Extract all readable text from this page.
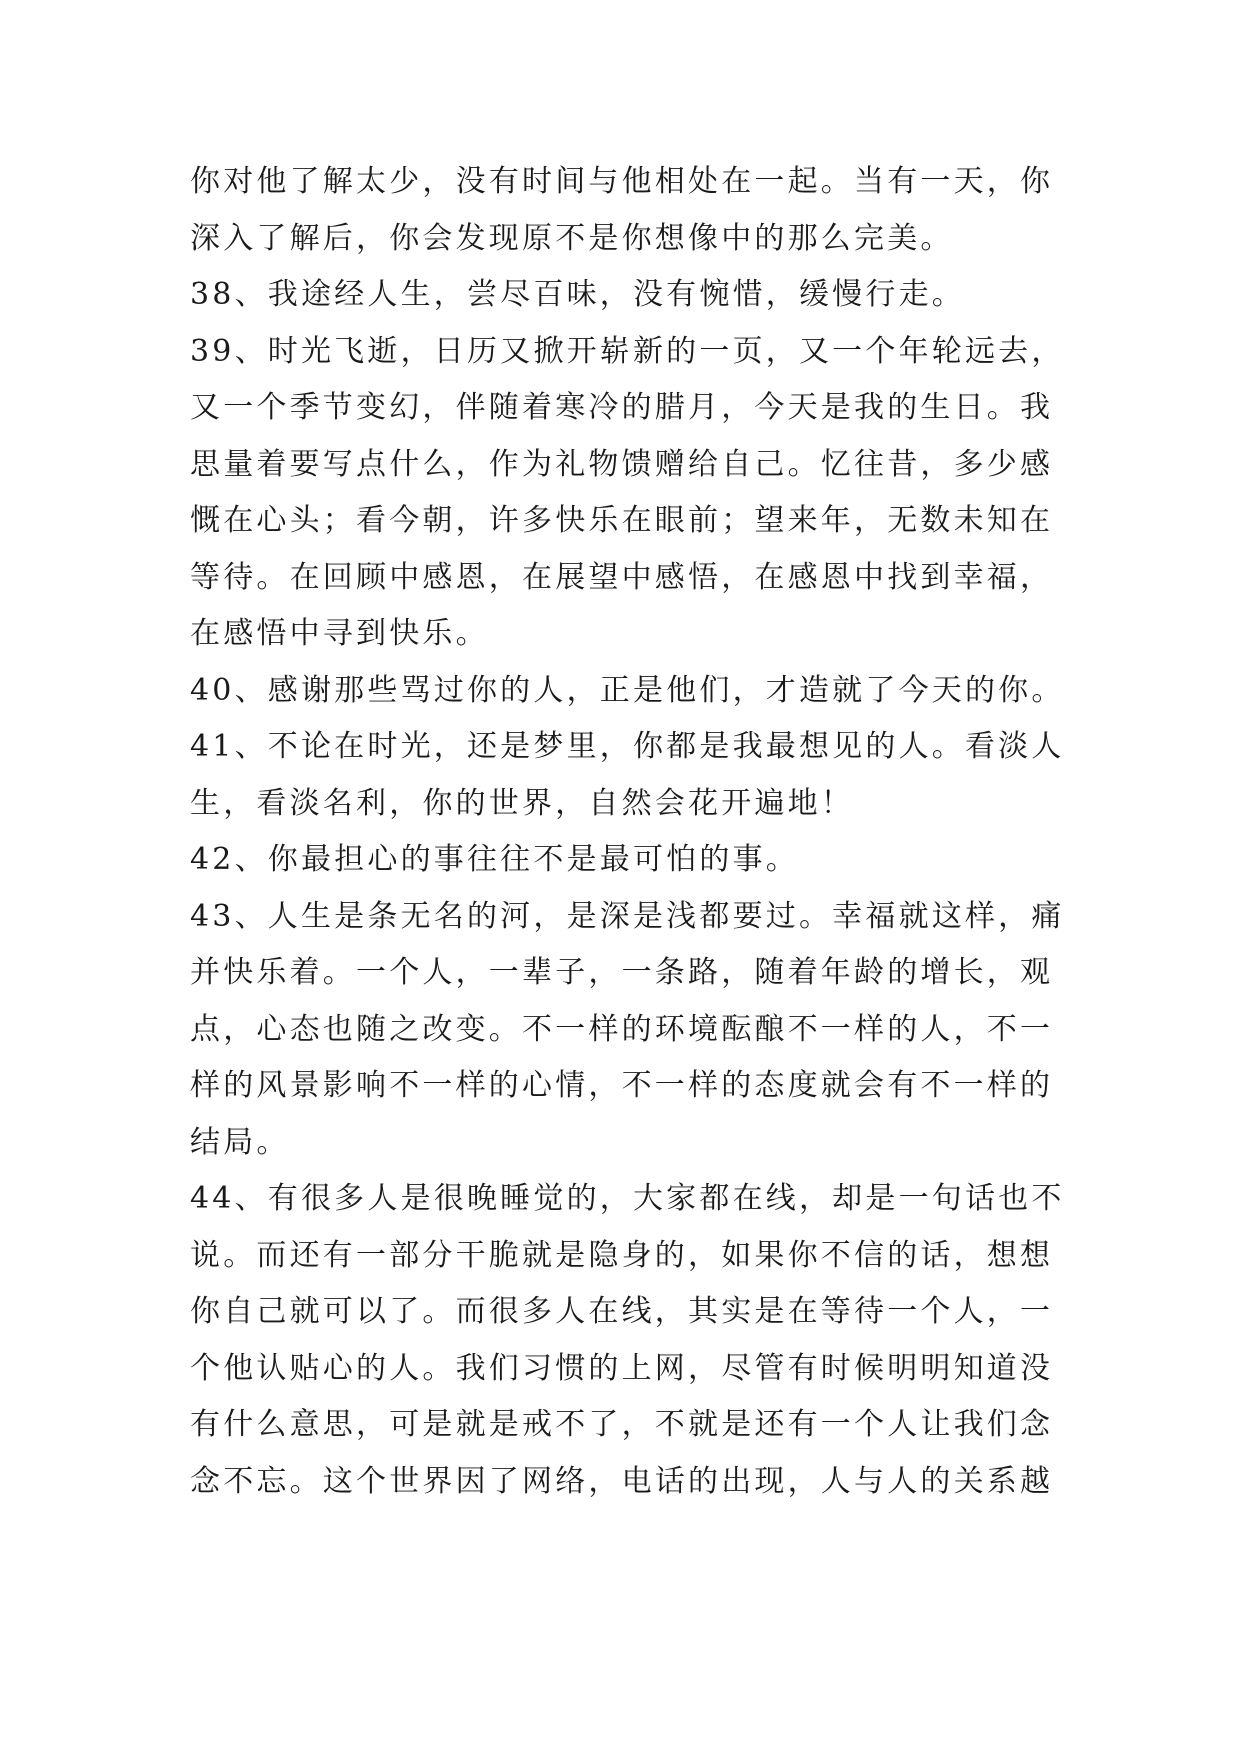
你对他了解太少，没有时间与他相处在一起。当有一天，你
深入了解后，你会发现原不是你想像中的那么完美。
38、我途经人生，尝尽百味，没有惋惜，缓慢行走。
39、时光飞逝，日历又掀开崭新的一页，又一个年轮远去，
又一个季节变幻，伴随着寒冷的腊月，今天是我的生日。我
思量着要写点什么，作为礼物馈赠给自己。忆往昔，多少感
慨在心头；看今朝，许多快乐在眼前；望来年，无数未知在
等待。在回顾中感恩，在展望中感悟，在感恩中找到幸福，
在感悟中寻到快乐。
40、感谢那些骂过你的人，正是他们，才造就了今天的你。
41、不论在时光，还是梦里，你都是我最想见的人。看淡人
生，看淡名利，你的世界，自然会花开遍地！
42、你最担心的事往往不是最可怕的事。
43、人生是条无名的河，是深是浅都要过。幸福就这样，痛
并快乐着。一个人，一辈子，一条路，随着年龄的增长，观
点，心态也随之改变。不一样的环境酝酿不一样的人，不一
样的风景影响不一样的心情，不一样的态度就会有不一样的
结局。
44、有很多人是很晚睡觉的，大家都在线，却是一句话也不
说。而还有一部分干脆就是隐身的，如果你不信的话，想想
你自己就可以了。而很多人在线，其实是在等待一个人，一
个他认贴心的人。我们习惯的上网，尽管有时候明明知道没
有什么意思，可是就是戒不了，不就是还有一个人让我们念
念不忘。这个世界因了网络，电话的出现，人与人的关系越
